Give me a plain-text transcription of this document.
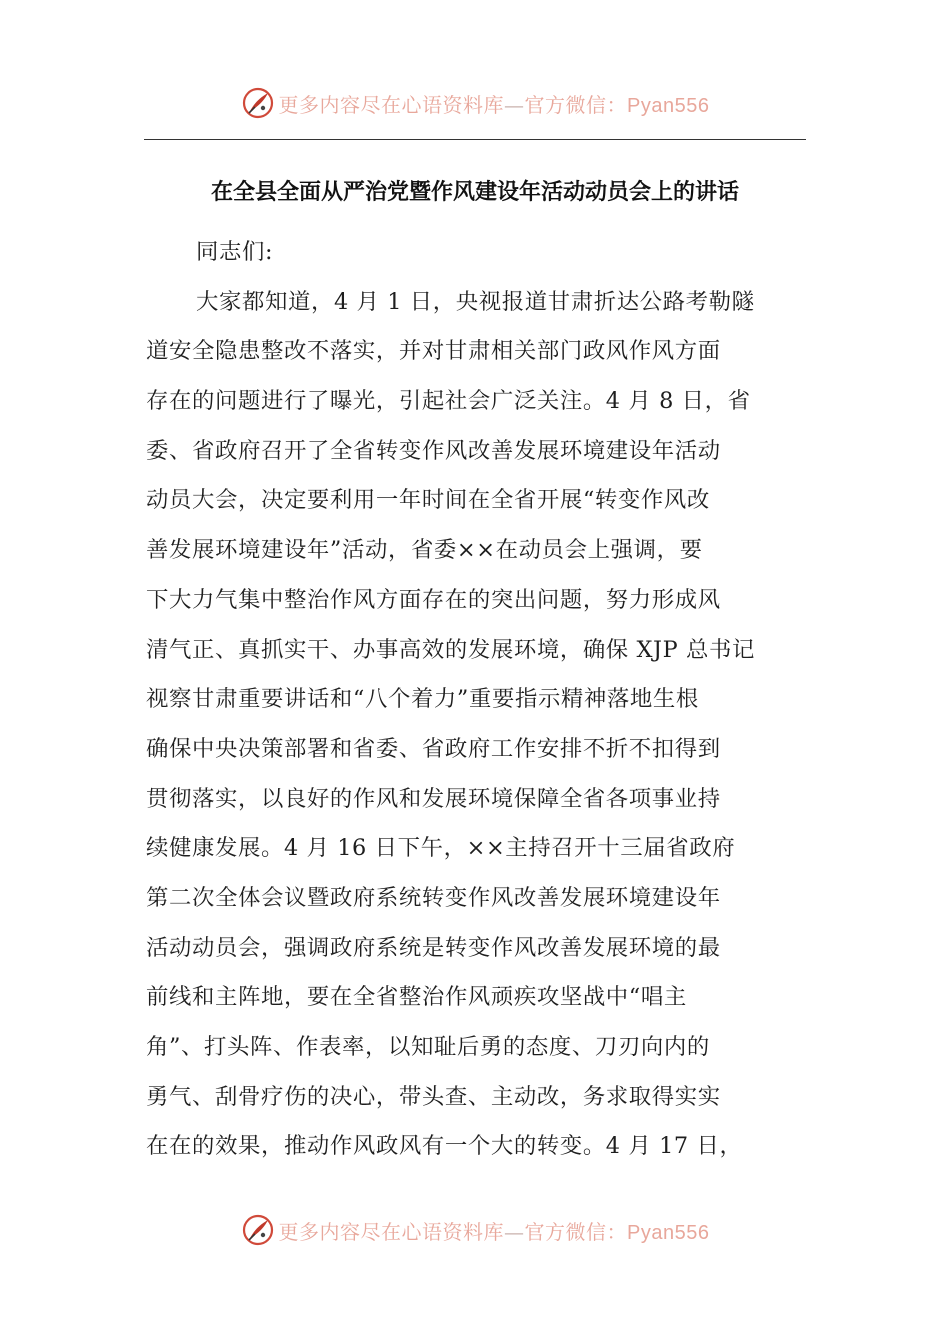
更多内容尽在心语资料库—官方微信：Pyan556
在全县全面从严治党暨作风建设年活动动员会上的讲话
同志们:
大家都知道，4 月 1 日，央视报道甘肃折达公路考勒隧
道安全隐患整改不落实，并对甘肃相关部门政风作风方面
存在的问题进行了曝光，引起社会广泛关注。4 月 8 日，省
委、省政府召开了全省转变作风改善发展环境建设年活动
动员大会，决定要利用一年时间在全省开展“转变作风改
善发展环境建设年”活动，省委××在动员会上强调，要
下大力气集中整治作风方面存在的突出问题，努力形成风
清气正、真抓实干、办事高效的发展环境，确保 XJP 总书记
视察甘肃重要讲话和“八个着力”重要指示精神落地生根
确保中央决策部署和省委、省政府工作安排不折不扣得到
贯彻落实，以良好的作风和发展环境保障全省各项事业持
续健康发展。4 月 16 日下午，××主持召开十三届省政府
第二次全体会议暨政府系统转变作风改善发展环境建设年
活动动员会，强调政府系统是转变作风改善发展环境的最
前线和主阵地，要在全省整治作风顽疾攻坚战中“唱主
角”、打头阵、作表率，以知耻后勇的态度、刀刃向内的
勇气、刮骨疗伤的决心，带头查、主动改，务求取得实实
在在的效果，推动作风政风有一个大的转变。4 月 17 日，
更多内容尽在心语资料库—官方微信：Pyan556
